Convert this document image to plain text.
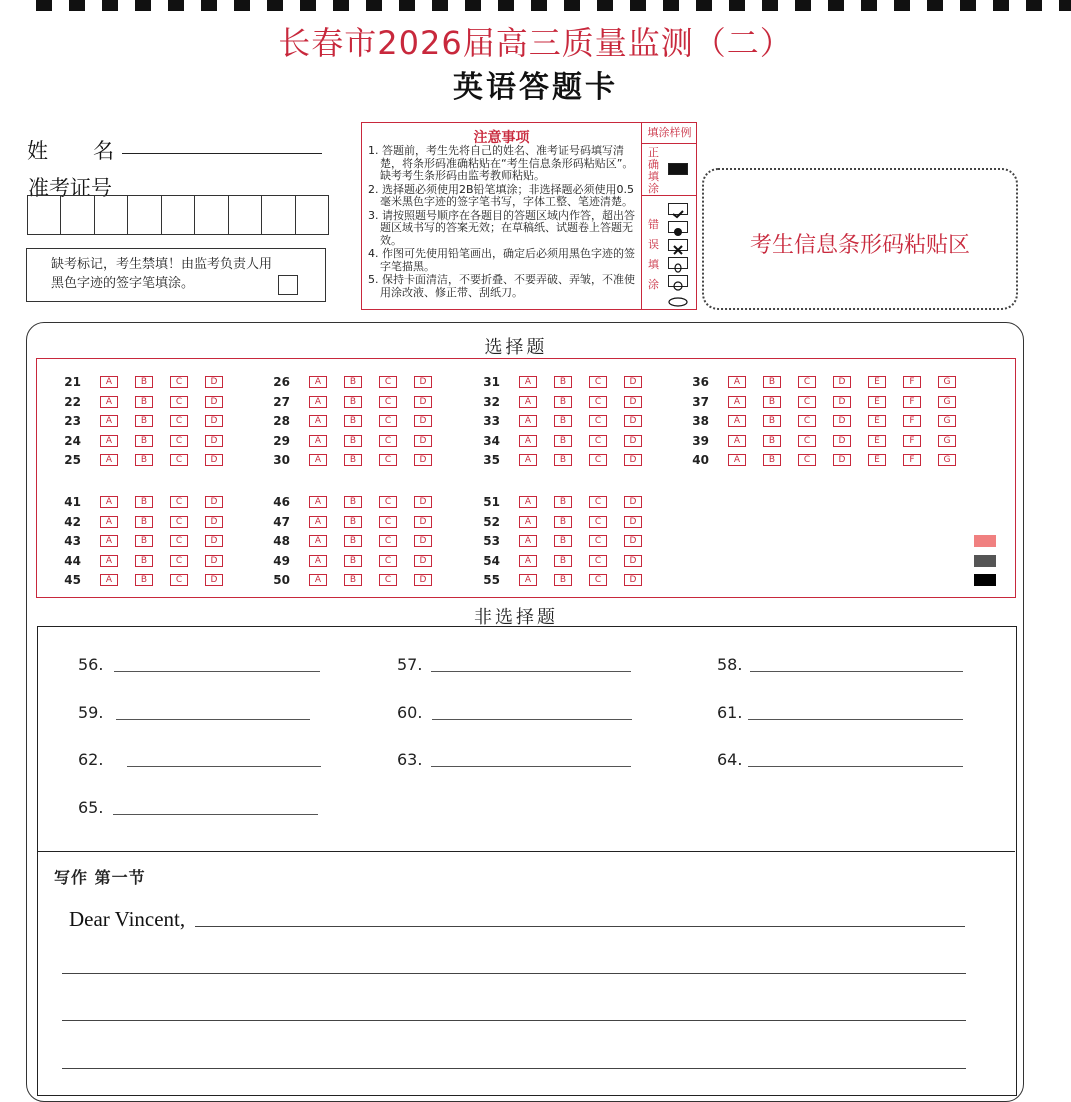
长春市2026届高三质量监测（二）
英语答题卡
姓 名
准考证号
缺考标记，考生禁填！由监考负责人用黑色字迹的签字笔填涂。
注意事项
1. 答题前，考生先将自己的姓名、准考证号码填写清楚，将条形码准确粘贴在“考生信息条形码粘贴区”。缺考考生条形码由监考教师粘贴。
2. 选择题必须使用2B铅笔填涂；非选择题必须使用0.5毫米黑色字迹的签字笔书写，字体工整、笔迹清楚。
3. 请按照题号顺序在各题目的答题区域内作答，超出答题区域书写的答案无效；在草稿纸、试题卷上答题无效。
4. 作图可先使用铅笔画出，确定后必须用黑色字迹的签字笔描黑。
5. 保持卡面清洁，不要折叠、不要弄破、弄皱，不准使用涂改液、修正带、刮纸刀。
填涂样例
正确填涂
错误填涂
考生信息条形码粘贴区
选择题
21	A	B	C	D
22	A	B	C	D
23	A	B	C	D
24	A	B	C	D
25	A	B	C	D
26	A	B	C	D
27	A	B	C	D
28	A	B	C	D
29	A	B	C	D
30	A	B	C	D
31	A	B	C	D
32	A	B	C	D
33	A	B	C	D
34	A	B	C	D
35	A	B	C	D
36	A	B	C	D	E	F	G
37	A	B	C	D	E	F	G
38	A	B	C	D	E	F	G
39	A	B	C	D	E	F	G
40	A	B	C	D	E	F	G
41	A	B	C	D
42	A	B	C	D
43	A	B	C	D
44	A	B	C	D
45	A	B	C	D
46	A	B	C	D
47	A	B	C	D
48	A	B	C	D
49	A	B	C	D
50	A	B	C	D
51	A	B	C	D
52	A	B	C	D
53	A	B	C	D
54	A	B	C	D
55	A	B	C	D
非选择题
56.	57.	58.
59.	60.	61.
62.	63.	64.
65.
写作 第一节
Dear Vincent,
